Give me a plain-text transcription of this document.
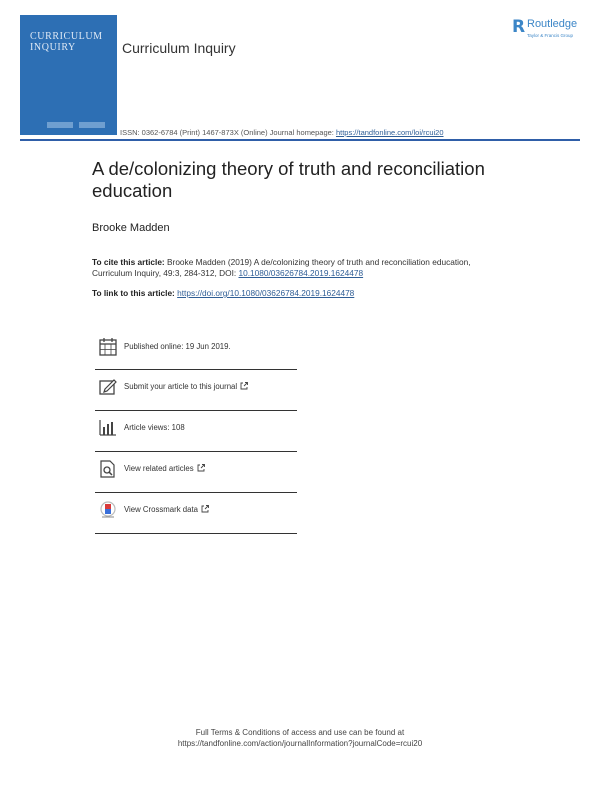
CURRICULUM
INQUIRY	Curriculum Inquiry
R Routledge
Taylor & Francis Group
ISSN: 0362-6784 (Print) 1467-873X (Online) Journal homepage: https://tandfonline.com/loi/rcui20
A de/colonizing theory of truth and reconciliation education
Brooke Madden
To cite this article: Brooke Madden (2019) A de/colonizing theory of truth and reconciliation education, Curriculum Inquiry, 49:3, 284-312, DOI: 10.1080/03626784.2019.1624478
To link to this article: https://doi.org/10.1080/03626784.2019.1624478
Published online: 19 Jun 2019.
Submit your article to this journal
Article views: 108
View related articles
View Crossmark data
Full Terms & Conditions of access and use can be found at
https://tandfonline.com/action/journalInformation?journalCode=rcui20
